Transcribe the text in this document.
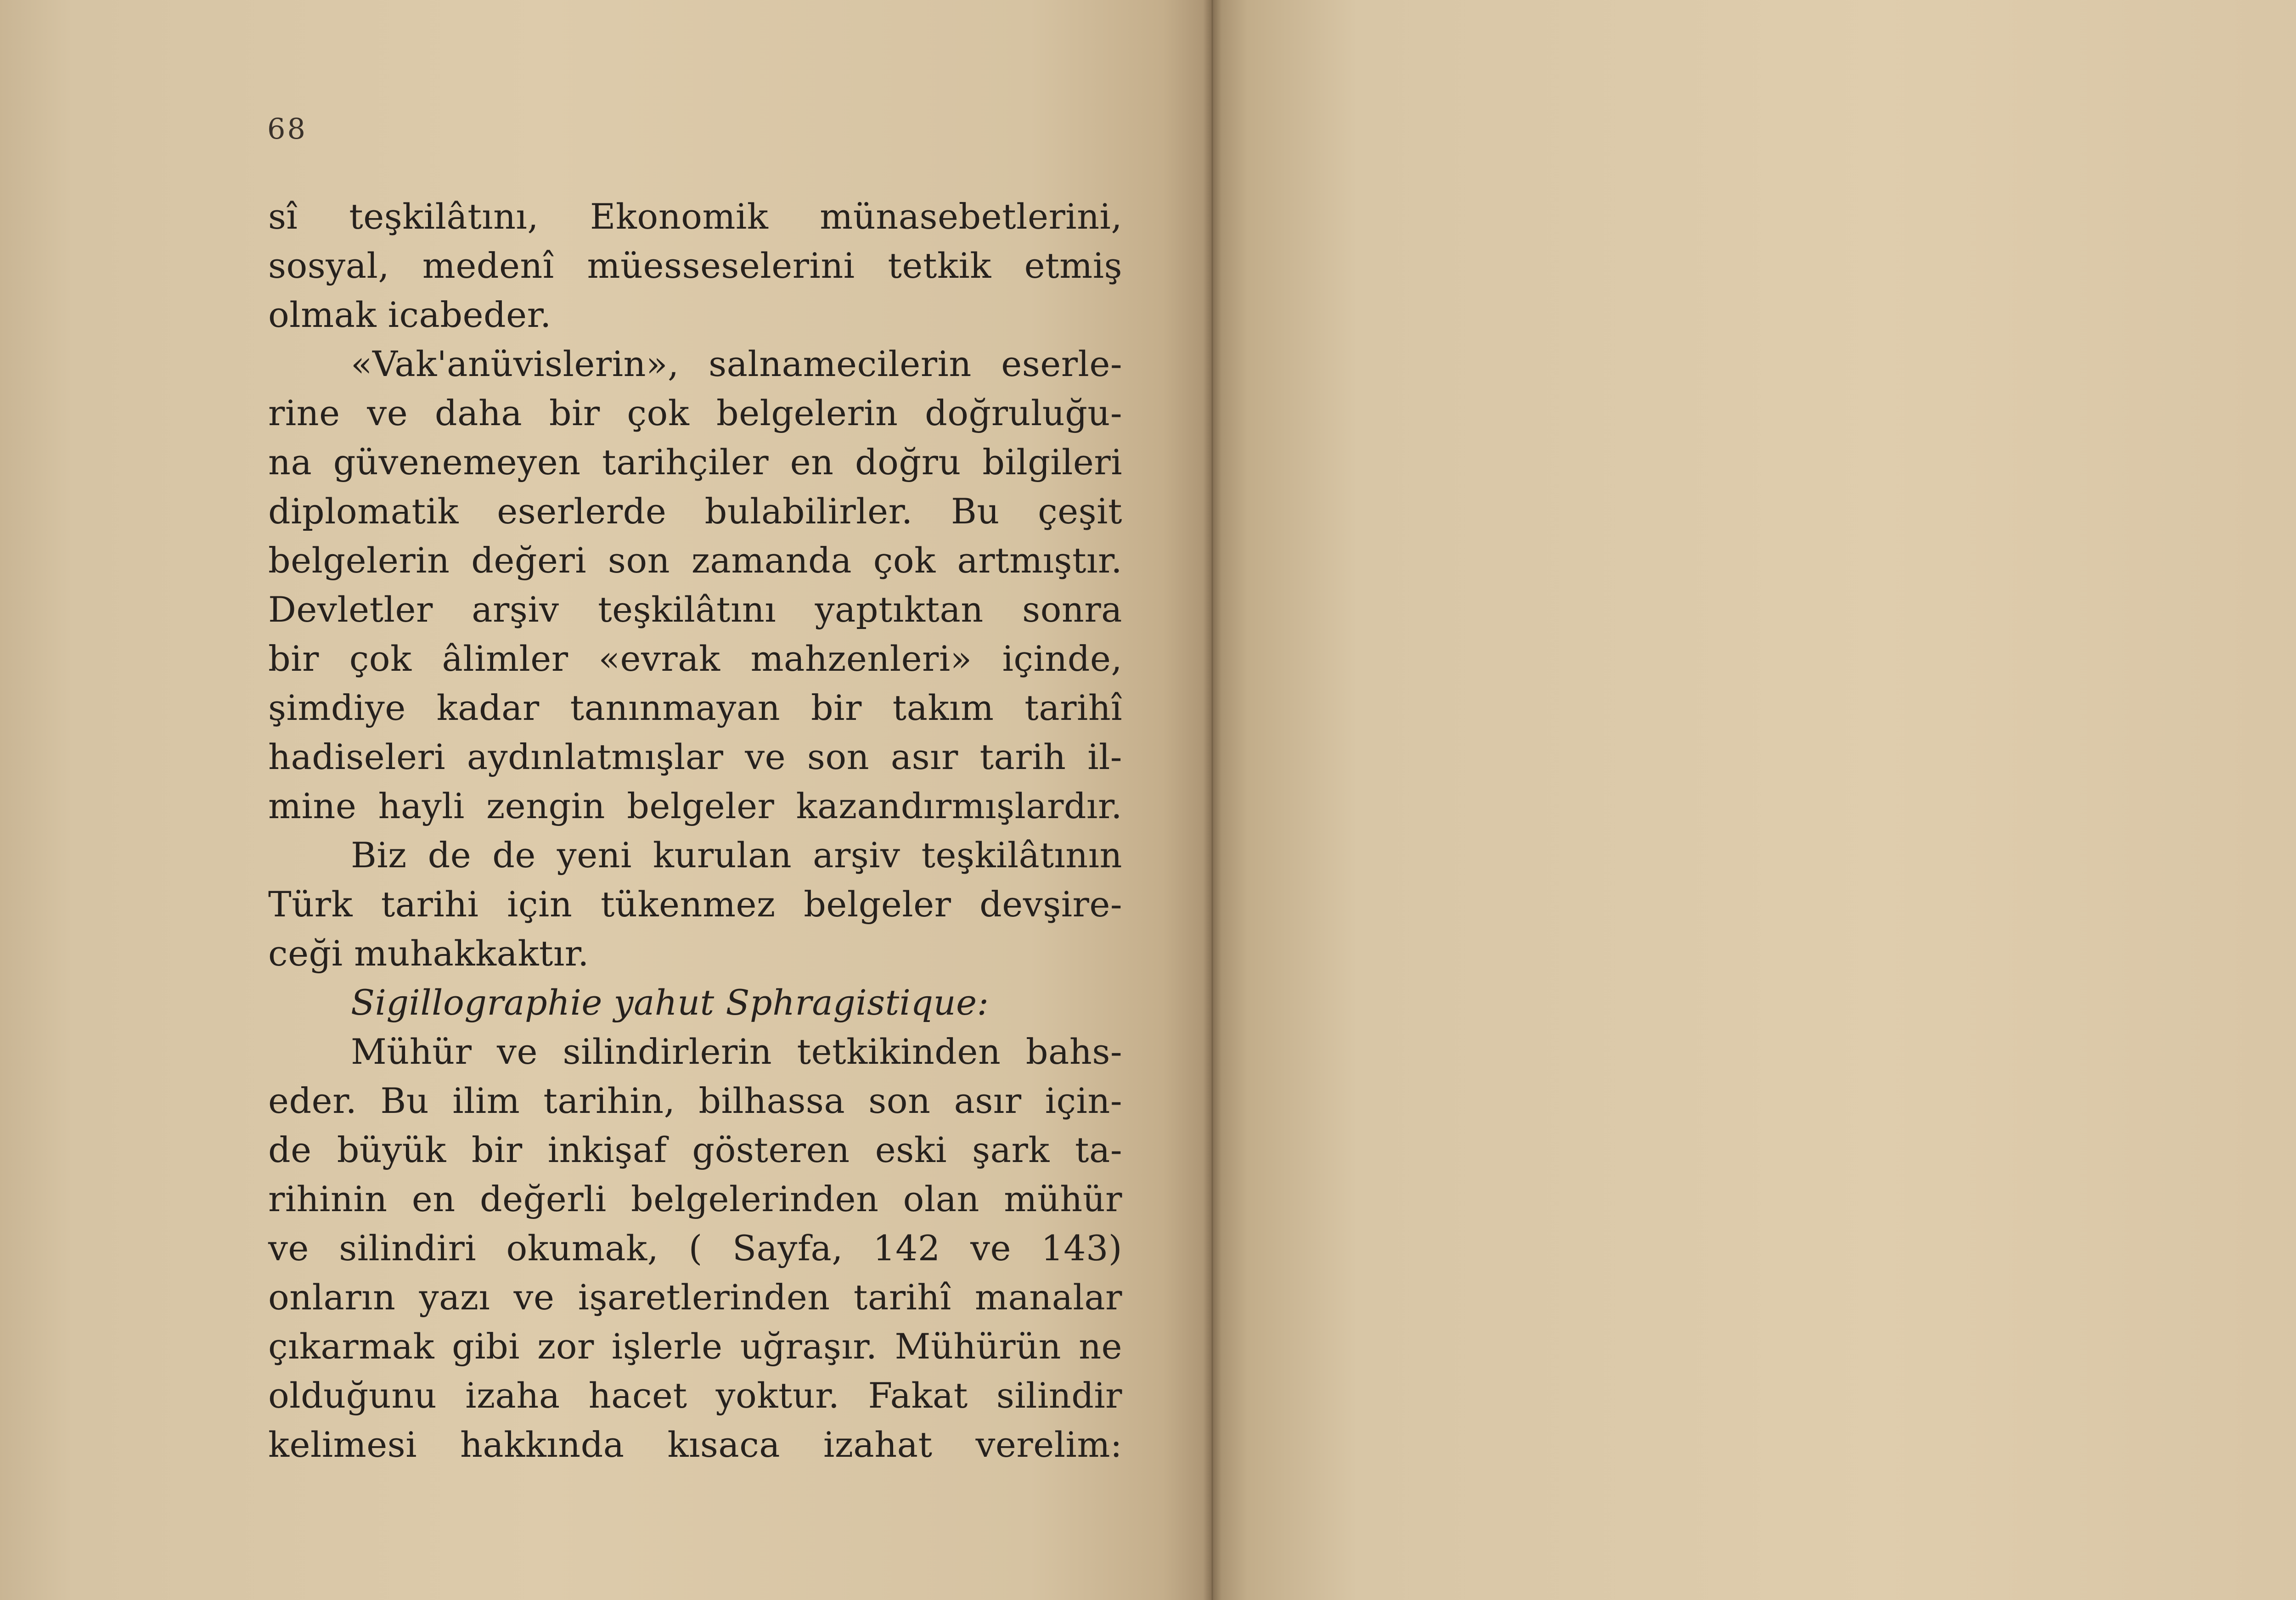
68
sî teşkilâtını, Ekonomik münasebetlerini,
sosyal, medenî müesseselerini tetkik etmiş
olmak icabeder.
«Vak'anüvislerin», salnamecilerin eserle-
rine ve daha bir çok belgelerin doğruluğu-
na güvenemeyen tarihçiler en doğru bilgileri
diplomatik eserlerde bulabilirler. Bu çeşit
belgelerin değeri son zamanda çok artmıştır.
Devletler arşiv teşkilâtını yaptıktan sonra
bir çok âlimler «evrak mahzenleri» içinde,
şimdiye kadar tanınmayan bir takım tarihî
hadiseleri aydınlatmışlar ve son asır tarih il-
mine hayli zengin belgeler kazandırmışlardır.
Biz de de yeni kurulan arşiv teşkilâtının
Türk tarihi için tükenmez belgeler devşire-
ceği muhakkaktır.
Sigillographie yahut Sphragistique:
Mühür ve silindirlerin tetkikinden bahs-
eder. Bu ilim tarihin, bilhassa son asır için-
de büyük bir inkişaf gösteren eski şark ta-
rihinin en değerli belgelerinden olan mühür
ve silindiri okumak, ( Sayfa, 142 ve 143)
onların yazı ve işaretlerinden tarihî manalar
çıkarmak gibi zor işlerle uğraşır. Mühürün ne
olduğunu izaha hacet yoktur. Fakat silindir
kelimesi hakkında kısaca izahat verelim:
